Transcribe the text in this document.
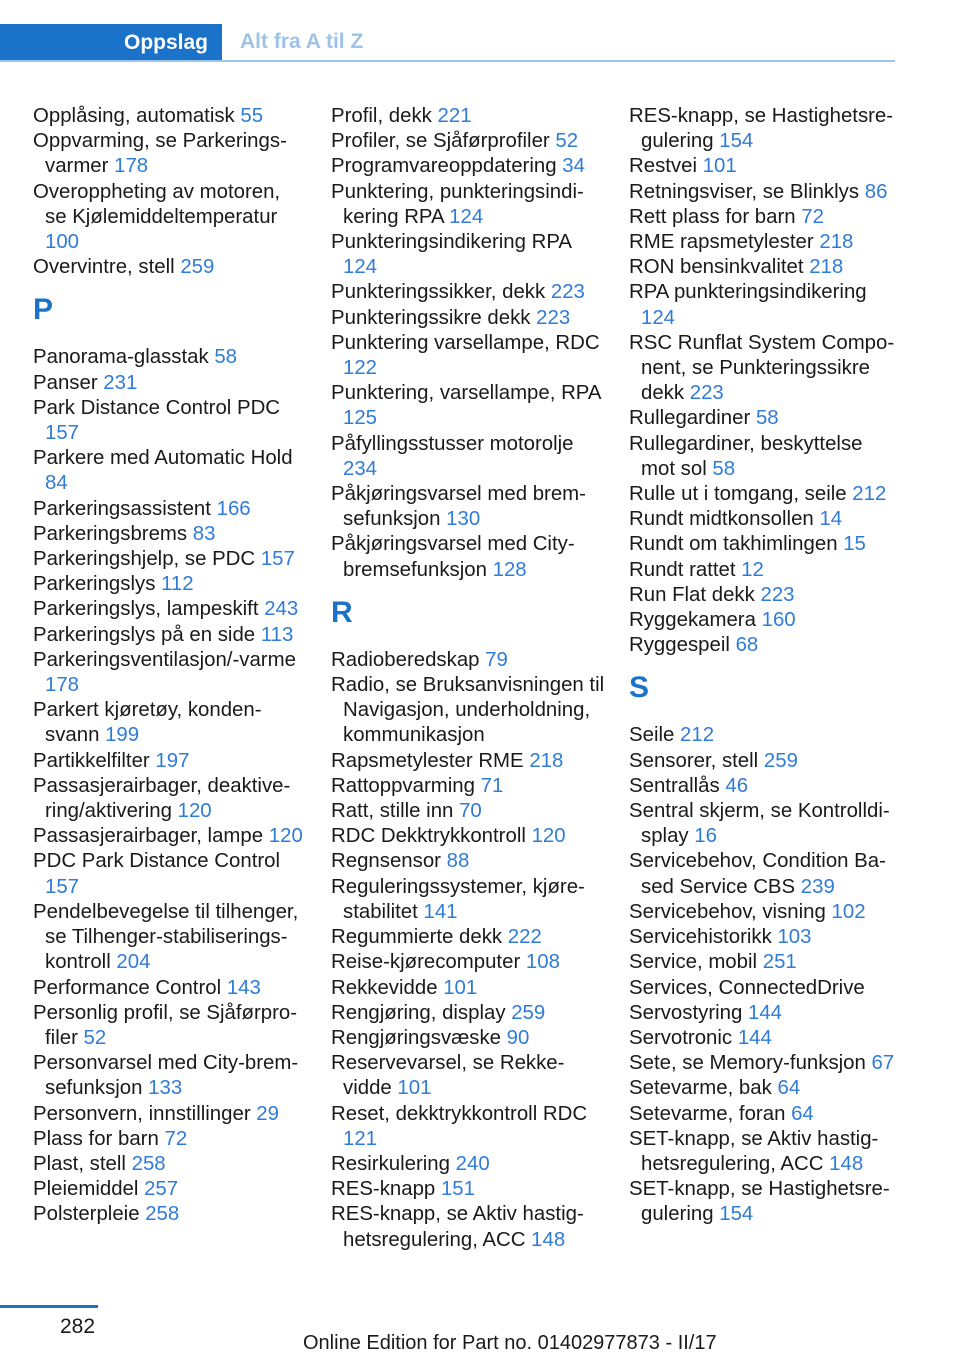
Oppslag	Alt fra A til Z
Opplåsing, automatisk 55
Oppvarming, se Parkeringsvarmer 178
Overoppheting av motoren, se Kjølemiddeltemperatur 100
Overvintre, stell 259
P
Panorama-glasstak 58
Panser 231
Park Distance Control PDC 157
Parkere med Automatic Hold 84
Parkeringsassistent 166
Parkeringsbrems 83
Parkeringshjelp, se PDC 157
Parkeringslys 112
Parkeringslys, lampeskift 243
Parkeringslys på en side 113
Parkeringsventilasjon/-varme 178
Parkert kjøretøy, kondensvann 199
Partikkelfilter 197
Passasjerairbager, deaktivering/aktivering 120
Passasjerairbager, lampe 120
PDC Park Distance Control 157
Pendelbevegelse til tilhenger, se Tilhenger-stabiliseringskontroll 204
Performance Control 143
Personlig profil, se Sjåførprofiler 52
Personvarsel med City-bremsefunksjon 133
Personvern, innstillinger 29
Plass for barn 72
Plast, stell 258
Pleiemiddel 257
Polsterpleie 258
Profil, dekk 221
Profiler, se Sjåførprofiler 52
Programvareoppdatering 34
Punktering, punkteringsindikering RPA 124
Punkteringsindikering RPA 124
Punkteringssikker, dekk 223
Punkteringssikre dekk 223
Punktering varsellampe, RDC 122
Punktering, varsellampe, RPA 125
Påfyllingsstusser motorolje 234
Påkjøringsvarsel med bremsefunksjon 130
Påkjøringsvarsel med City-bremsefunksjon 128
R
Radioberedskap 79
Radio, se Bruksanvisningen til Navigasjon, underholdning, kommunikasjon
Rapsmetylester RME 218
Rattoppvarming 71
Ratt, stille inn 70
RDC Dekktrykkontroll 120
Regnsensor 88
Reguleringssystemer, kjørestabilitet 141
Regummierte dekk 222
Reise-kjørecomputer 108
Rekkevidde 101
Rengjøring, display 259
Rengjøringsvæske 90
Reservevarsel, se Rekkevidde 101
Reset, dekktrykkontroll RDC 121
Resirkulering 240
RES-knapp 151
RES-knapp, se Aktiv hastighetsregulering, ACC 148
RES-knapp, se Hastighetsregulering 154
Restvei 101
Retningsviser, se Blinklys 86
Rett plass for barn 72
RME rapsmetylester 218
RON bensinkvalitet 218
RPA punkteringsindikering 124
RSC Runflat System Component, se Punkteringssikre dekk 223
Rullegardiner 58
Rullegardiner, beskyttelse mot sol 58
Rulle ut i tomgang, seile 212
Rundt midtkonsollen 14
Rundt om takhimlingen 15
Rundt rattet 12
Run Flat dekk 223
Ryggekamera 160
Ryggespeil 68
S
Seile 212
Sensorer, stell 259
Sentrallås 46
Sentral skjerm, se Kontrolldisplay 16
Servicebehov, Condition Based Service CBS 239
Servicebehov, visning 102
Servicehistorikk 103
Service, mobil 251
Services, ConnectedDrive
Servostyring 144
Servotronic 144
Sete, se Memory-funksjon 67
Setevarme, bak 64
Setevarme, foran 64
SET-knapp, se Aktiv hastighetsregulering, ACC 148
SET-knapp, se Hastighetsregulering 154
282
Online Edition for Part no. 01402977873 - II/17
